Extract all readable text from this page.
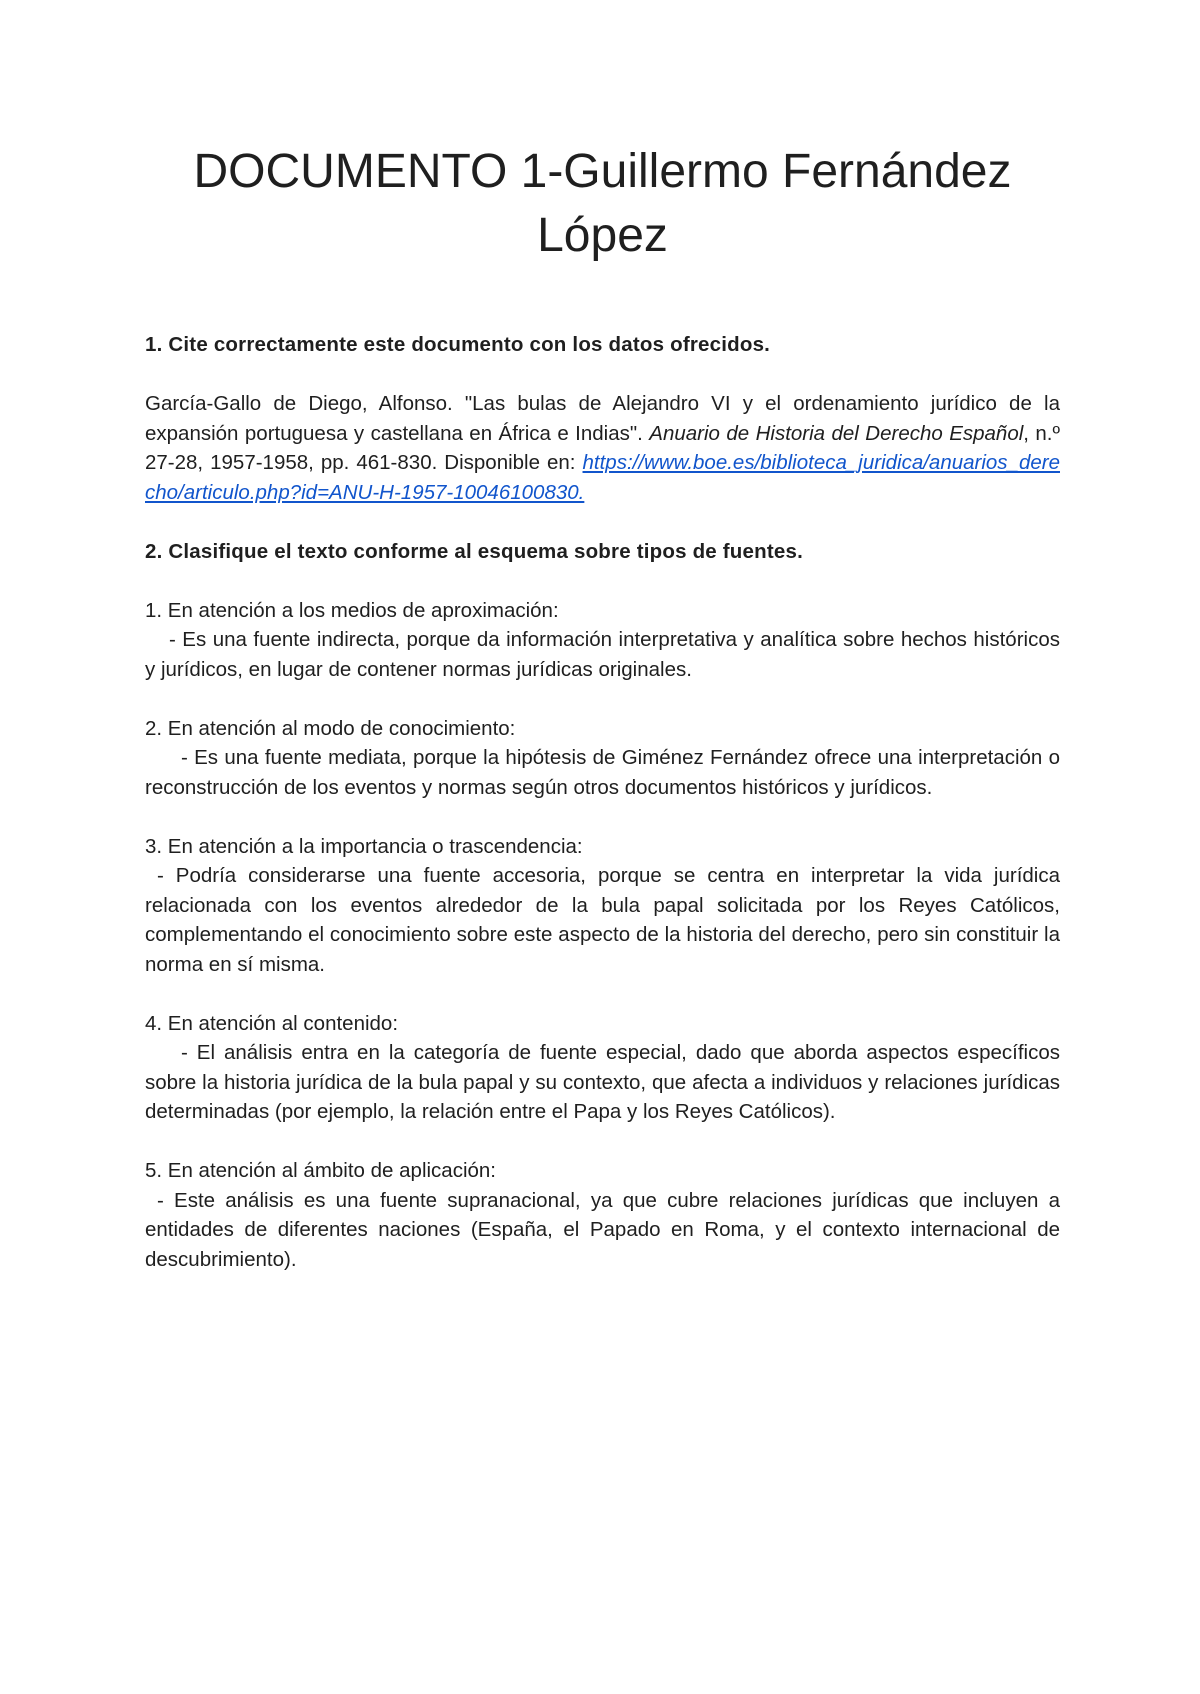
DOCUMENTO 1-Guillermo Fernández López

1. Cite correctamente este documento con los datos ofrecidos.

García-Gallo de Diego, Alfonso. "Las bulas de Alejandro VI y el ordenamiento jurídico de la expansión portuguesa y castellana en África e Indias". Anuario de Historia del Derecho Español, n.º 27-28, 1957-1958, pp. 461-830. Disponible en: https://www.boe.es/biblioteca_juridica/anuarios_derecho/articulo.php?id=ANU-H-1957-10046100830.

2. Clasifique el texto conforme al esquema sobre tipos de fuentes.

1. En atención a los medios de aproximación:

- Es una fuente indirecta, porque da información interpretativa y analítica sobre hechos históricos y jurídicos, en lugar de contener normas jurídicas originales.

2. En atención al modo de conocimiento:

- Es una fuente mediata, porque la hipótesis de Giménez Fernández ofrece una interpretación o reconstrucción de los eventos y normas según otros documentos históricos y jurídicos.

3. En atención a la importancia o trascendencia:

- Podría considerarse una fuente accesoria, porque se centra en interpretar la vida jurídica relacionada con los eventos alrededor de la bula papal solicitada por los Reyes Católicos, complementando el conocimiento sobre este aspecto de la historia del derecho, pero sin constituir la norma en sí misma.

4. En atención al contenido:

- El análisis entra en la categoría de fuente especial, dado que aborda aspectos específicos sobre la historia jurídica de la bula papal y su contexto, que afecta a individuos y relaciones jurídicas determinadas (por ejemplo, la relación entre el Papa y los Reyes Católicos).

5. En atención al ámbito de aplicación:

- Este análisis es una fuente supranacional, ya que cubre relaciones jurídicas que incluyen a entidades de diferentes naciones (España, el Papado en Roma, y el contexto internacional de descubrimiento).
